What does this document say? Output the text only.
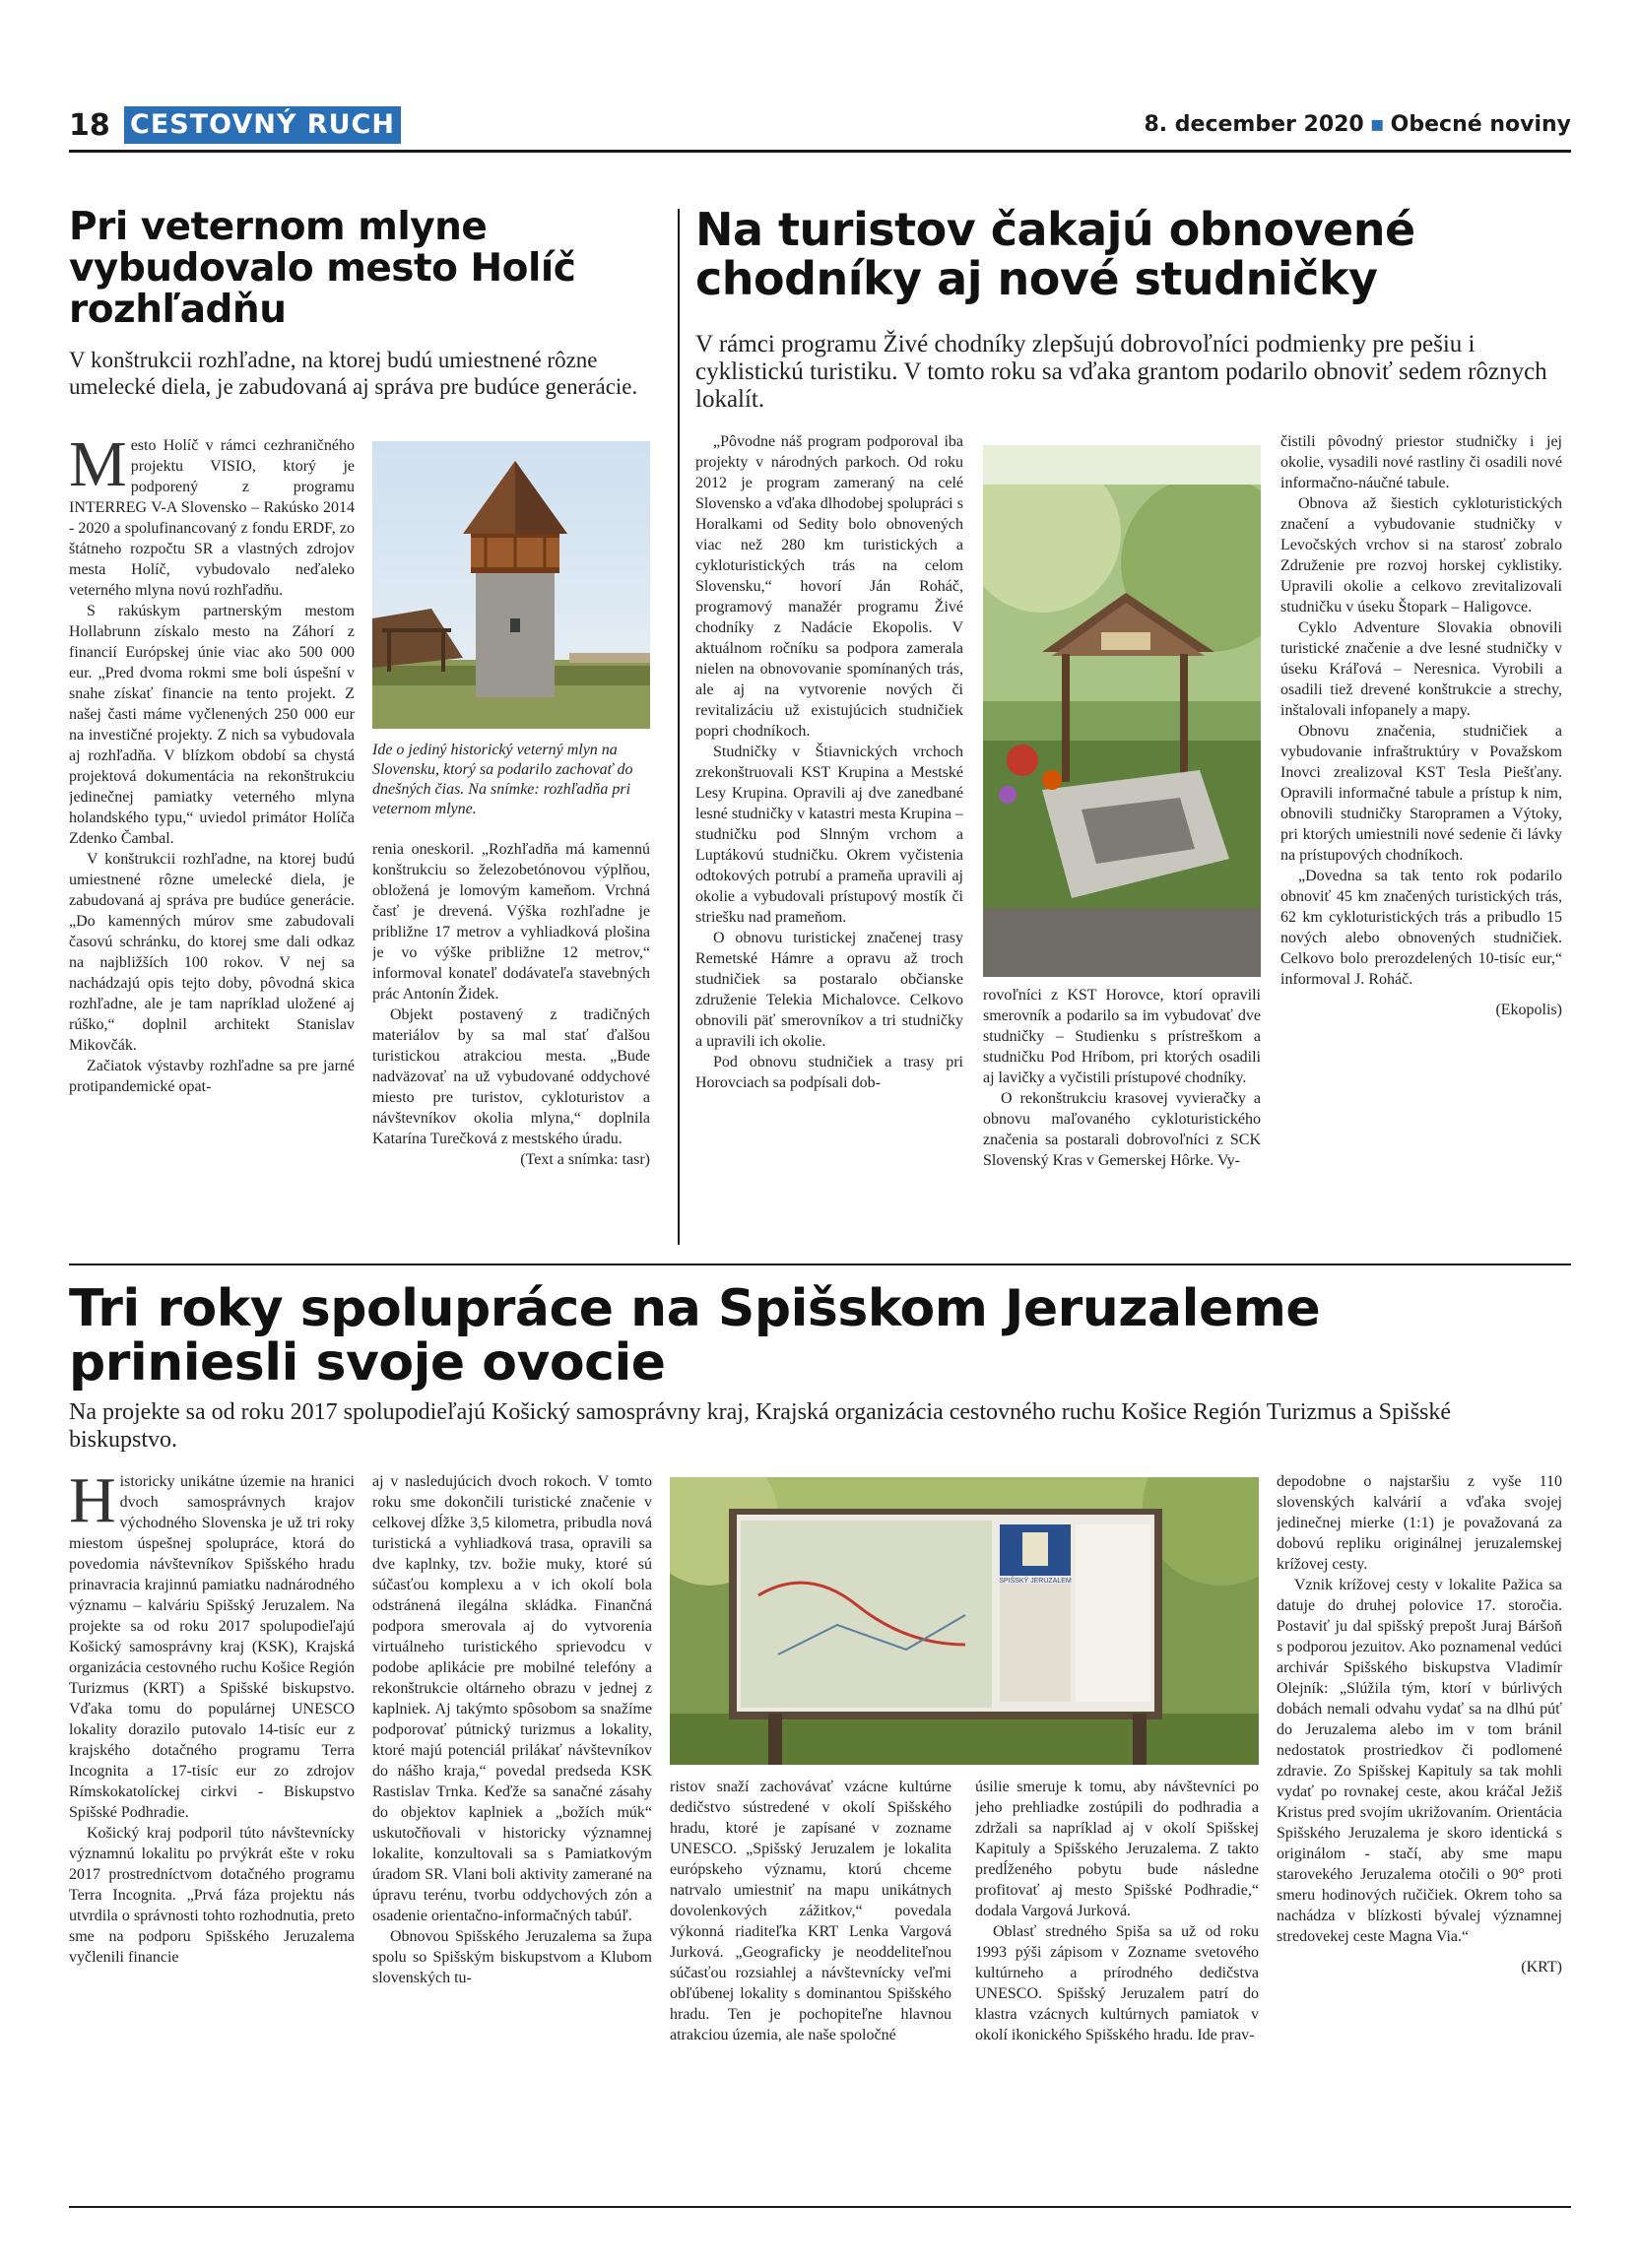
18 CESTOVNÝ RUCH	8. december 2020 ▪ Obecné noviny
Pri veternom mlyne vybudovalo mesto Holíč rozhľadňu
V konštrukcii rozhľadne, na ktorej budú umiestnené rôzne umelecké diela, je zabudovaná aj správa pre budúce generácie.

Mesto Holíč v rámci cezhraničného projektu VISIO, ktorý je podporený z programu INTERREG V-A Slovensko – Rakúsko 2014 - 2020 a spolufinancovaný z fondu ERDF, zo štátneho rozpočtu SR a vlastných zdrojov mesta Holíč, vybudovalo neďaleko veterného mlyna novú rozhľadňu.

S rakúskym partnerským mestom Hollabrunn získalo mesto na Záhorí z financií Európskej únie viac ako 500 000 eur. „Pred dvoma rokmi sme boli úspešní v snahe získať financie na tento projekt. Z našej časti máme vyčlenených 250 000 eur na investičné projekty. Z nich sa vybudovala aj rozhľadňa. V blízkom období sa chystá projektová dokumentácia na rekonštrukciu jedinečnej pamiatky veterného mlyna holandského typu,“ uviedol primátor Holíča Zdenko Čambal.

V konštrukcii rozhľadne, na ktorej budú umiestnené rôzne umelecké diela, je zabudovaná aj správa pre budúce generácie. „Do kamenných múrov sme zabudovali časovú schránku, do ktorej sme dali odkaz na najbližších 100 rokov. V nej sa nachádzajú opis tejto doby, pôvodná skica rozhľadne, ale je tam napríklad uložené aj rúško,“ doplnil architekt Stanislav Mikovčák.

Začiatok výstavby rozhľadne sa pre jarné protipandemické opat-

Ide o jediný historický veterný mlyn na Slovensku, ktorý sa podarilo zachovať do dnešných čias. Na snímke: rozhľadňa pri veternom mlyne.

renia oneskoril. „Rozhľadňa má kamennú konštrukciu so železobetónovou výplňou, obložená je lomovým kameňom. Vrchná časť je drevená. Výška rozhľadne je približne 17 metrov a vyhliadková plošina je vo výške približne 12 metrov,“ informoval konateľ dodávateľa stavebných prác Antonín Židek.

Objekt postavený z tradičných materiálov by sa mal stať ďalšou turistickou atrakciou mesta. „Bude nadväzovať na už vybudované oddychové miesto pre turistov, cykloturistov a návštevníkov okolia mlyna,“ doplnila Katarína Turečková z mestského úradu.

(Text a snímka: tasr)

Na turistov čakajú obnovené chodníky aj nové studničky
V rámci programu Živé chodníky zlepšujú dobrovoľníci podmienky pre pešiu i cyklistickú turistiku. V tomto roku sa vďaka grantom podarilo obnoviť sedem rôznych lokalít.

„Pôvodne náš program podporoval iba projekty v národných parkoch. Od roku 2012 je program zameraný na celé Slovensko a vďaka dlhodobej spolupráci s Horalkami od Sedity bolo obnovených viac než 280 km turistických a cykloturistických trás na celom Slovensku,“ hovorí Ján Roháč, programový manažér programu Živé chodníky z Nadácie Ekopolis. V aktuálnom ročníku sa podpora zamerala nielen na obnovovanie spomínaných trás, ale aj na vytvorenie nových či revitalizáciu už existujúcich studničiek popri chodníkoch.

Studničky v Štiavnických vrchoch zrekonštruovali KST Krupina a Mestské Lesy Krupina. Opravili aj dve zanedbané lesné studničky v katastri mesta Krupina – studničku pod Slnným vrchom a Luptákovú studničku. Okrem vyčistenia odtokových potrubí a prameňa upravili aj okolie a vybudovali prístupový mostík či striešku nad prameňom.

O obnovu turistickej značenej trasy Remetské Hámre a opravu až troch studničiek sa postaralo občianske združenie Telekia Michalovce. Celkovo obnovili päť smerovníkov a tri studničky a upravili ich okolie.

Pod obnovu studničiek a trasy pri Horovciach sa podpísali dob-

rovoľníci z KST Horovce, ktorí opravili smerovník a podarilo sa im vybudovať dve studničky – Studienku s prístreškom a studničku Pod Hríbom, pri ktorých osadili aj lavičky a vyčistili prístupové chodníky.

O rekonštrukciu krasovej vyvieračky a obnovu maľovaného cykloturistického značenia sa postarali dobrovoľníci z SCK Slovenský Kras v Gemerskej Hôrke. Vy-

čistili pôvodný priestor studničky i jej okolie, vysadili nové rastliny či osadili nové informačno-náučné tabule.

Obnova až šiestich cykloturistických značení a vybudovanie studničky v Levočských vrchov si na starosť zobralo Združenie pre rozvoj horskej cyklistiky. Upravili okolie a celkovo zrevitalizovali studničku v úseku Štopark – Haligovce.

Cyklo Adventure Slovakia obnovili turistické značenie a dve lesné studničky v úseku Kráľová – Neresnica. Vyrobili a osadili tiež drevené konštrukcie a strechy, inštalovali infopanely a mapy.

Obnovu značenia, studničiek a vybudovanie infraštruktúry v Považskom Inovci zrealizoval KST Tesla Piešťany. Opravili informačné tabule a prístup k nim, obnovili studničky Staropramen a Výtoky, pri ktorých umiestnili nové sedenie či lávky na prístupových chodníkoch.

„Dovedna sa tak tento rok podarilo obnoviť 45 km značených turistických trás, 62 km cykloturistických trás a pribudlo 15 nových alebo obnovených studničiek. Celkovo bolo prerozdelených 10-tisíc eur,“ informoval J. Roháč.

(Ekopolis)

Tri roky spolupráce na Spišskom Jeruzaleme priniesli svoje ovocie
Na projekte sa od roku 2017 spolupodieľajú Košický samosprávny kraj, Krajská organizácia cestovného ruchu Košice Región Turizmus a Spišské biskupstvo.

Historicky unikátne územie na hranici dvoch samosprávnych krajov východného Slovenska je už tri roky miestom úspešnej spolupráce, ktorá do povedomia návštevníkov Spišského hradu prinavracia krajinnú pamiatku nadnárodného významu – kalváriu Spišský Jeruzalem. Na projekte sa od roku 2017 spolupodieľajú Košický samosprávny kraj (KSK), Krajská organizácia cestovného ruchu Košice Región Turizmus (KRT) a Spišské biskupstvo. Vďaka tomu do populárnej UNESCO lokality dorazilo putovalo 14-tisíc eur z krajského dotačného programu Terra Incognita a 17-tisíc eur zo zdrojov Rímskokatolíckej cirkvi - Biskupstvo Spišské Podhradie.

Košický kraj podporil túto návštevnícky významnú lokalitu po prvýkrát ešte v roku 2017 prostredníctvom dotačného programu Terra Incognita. „Prvá fáza projektu nás utvrdila o správnosti tohto rozhodnutia, preto sme na podporu Spišského Jeruzalema vyčlenili financie

aj v nasledujúcich dvoch rokoch. V tomto roku sme dokončili turistické značenie v celkovej dĺžke 3,5 kilometra, pribudla nová turistická a vyhliadková trasa, opravili sa dve kaplnky, tzv. božie muky, ktoré sú súčasťou komplexu a v ich okolí bola odstránená ilegálna skládka. Finančná podpora smerovala aj do vytvorenia virtuálneho turistického sprievodcu v podobe aplikácie pre mobilné telefóny a rekonštrukcie oltárneho obrazu v jednej z kaplniek. Aj takýmto spôsobom sa snažíme podporovať pútnický turizmus a lokality, ktoré majú potenciál prilákať návštevníkov do nášho kraja,“ povedal predseda KSK Rastislav Trnka. Keďže sa sanačné zásahy do objektov kaplniek a „božích múk“ uskutočňovali v historicky významnej lokalite, konzultovali sa s Pamiatkovým úradom SR. Vlani boli aktivity zamerané na úpravu terénu, tvorbu oddychových zón a osadenie orientačno-informačných tabúľ.

Obnovou Spišského Jeruzalema sa župa spolu so Spišským biskupstvom a Klubom slovenských tu-

SPIŠSKÝ JERUZALEM

ristov snaží zachovávať vzácne kultúrne dedičstvo sústredené v okolí Spišského hradu, ktoré je zapísané v zozname UNESCO. „Spišský Jeruzalem je lokalita európskeho významu, ktorú chceme natrvalo umiestniť na mapu unikátnych dovolenkových zážitkov,“ povedala výkonná riaditeľka KRT Lenka Vargová Jurková. „Geograficky je neoddeliteľnou súčasťou rozsiahlej a návštevnícky veľmi obľúbenej lokality s dominantou Spišského hradu. Ten je pochopiteľne hlavnou atrakciou územia, ale naše spoločné

úsilie smeruje k tomu, aby návštevníci po jeho prehliadke zostúpili do podhradia a zdržali sa napríklad aj v okolí Spišskej Kapituly a Spišského Jeruzalema. Z takto predĺženého pobytu bude následne profitovať aj mesto Spišské Podhradie,“ dodala Vargová Jurková.

Oblasť stredného Spiša sa už od roku 1993 pýši zápisom v Zozname svetového kultúrneho a prírodného dedičstva UNESCO. Spišský Jeruzalem patrí do klastra vzácnych kultúrnych pamiatok v okolí ikonického Spišského hradu. Ide prav-

depodobne o najstaršiu z vyše 110 slovenských kalvárií a vďaka svojej jedinečnej mierke (1:1) je považovaná za dobovú repliku originálnej jeruzalemskej krížovej cesty.

Vznik krížovej cesty v lokalite Pažica sa datuje do druhej polovice 17. storočia. Postaviť ju dal spišský prepošt Juraj Báršoň s podporou jezuitov. Ako poznamenal vedúci archivár Spišského biskupstva Vladimír Olejník: „Slúžila tým, ktorí v búrlivých dobách nemali odvahu vydať sa na dlhú púť do Jeruzalema alebo im v tom bránil nedostatok prostriedkov či podlomené zdravie. Zo Spišskej Kapituly sa tak mohli vydať po rovnakej ceste, akou kráčal Ježiš Kristus pred svojím ukrižovaním. Orientácia Spišského Jeruzalema je skoro identická s originálom - stačí, aby sme mapu starovekého Jeruzalema otočili o 90° proti smeru hodinových ručičiek. Okrem toho sa nachádza v blízkosti bývalej významnej stredovekej ceste Magna Via.“

(KRT)
